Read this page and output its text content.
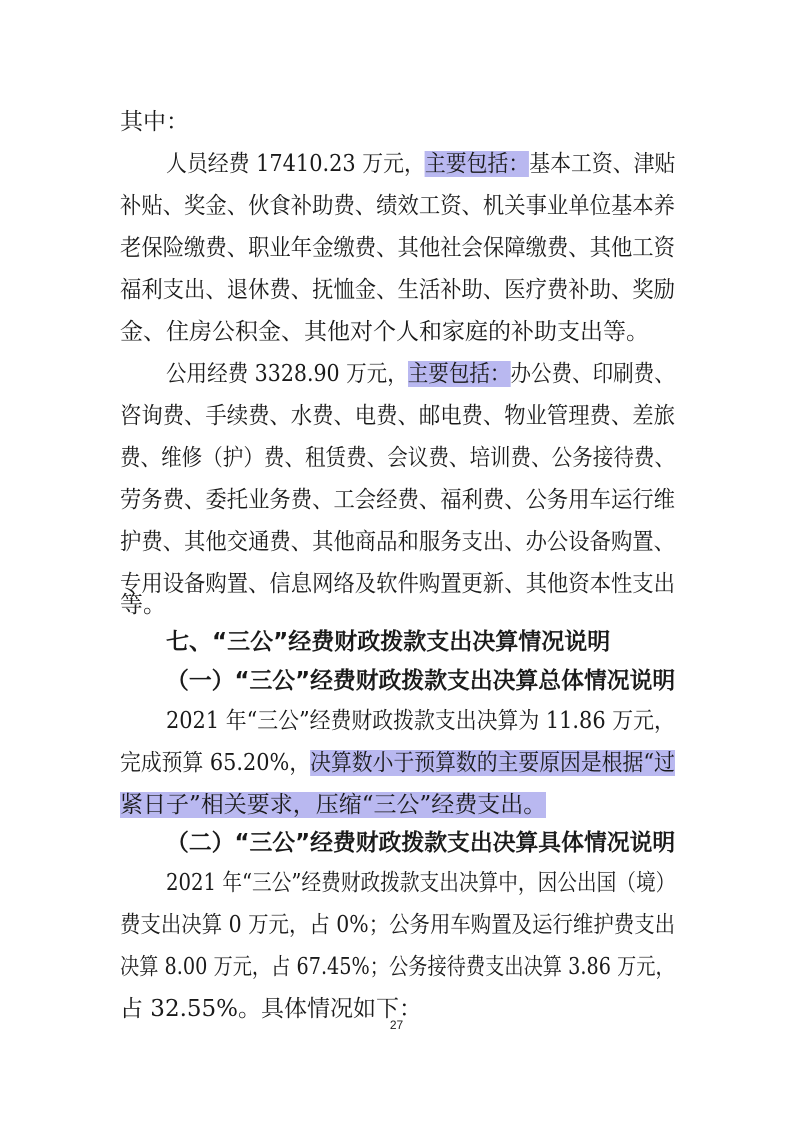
其中：
人员经费 17410.23 万元，主要包括：基本工资、津贴
补贴、奖金、伙食补助费、绩效工资、机关事业单位基本养
老保险缴费、职业年金缴费、其他社会保障缴费、其他工资
福利支出、退休费、抚恤金、生活补助、医疗费补助、奖励
金、住房公积金、其他对个人和家庭的补助支出等。
公用经费 3328.90 万元，主要包括：办公费、印刷费、
咨询费、手续费、水费、电费、邮电费、物业管理费、差旅
费、维修（护）费、租赁费、会议费、培训费、公务接待费、
劳务费、委托业务费、工会经费、福利费、公务用车运行维
护费、其他交通费、其他商品和服务支出、办公设备购置、
专用设备购置、信息网络及软件购置更新、其他资本性支出
等。
七、“三公”经费财政拨款支出决算情况说明
（一）“三公”经费财政拨款支出决算总体情况说明
2021 年“三公”经费财政拨款支出决算为 11.86 万元，
完成预算 65.20%，决算数小于预算数的主要原因是根据“过
紧日子”相关要求，压缩“三公”经费支出。
（二）“三公”经费财政拨款支出决算具体情况说明
2021 年“三公”经费财政拨款支出决算中，因公出国（境）
费支出决算 0 万元，占 0%；公务用车购置及运行维护费支出
决算 8.00 万元，占 67.45%；公务接待费支出决算 3.86 万元，
占 32.55%。具体情况如下：
27
